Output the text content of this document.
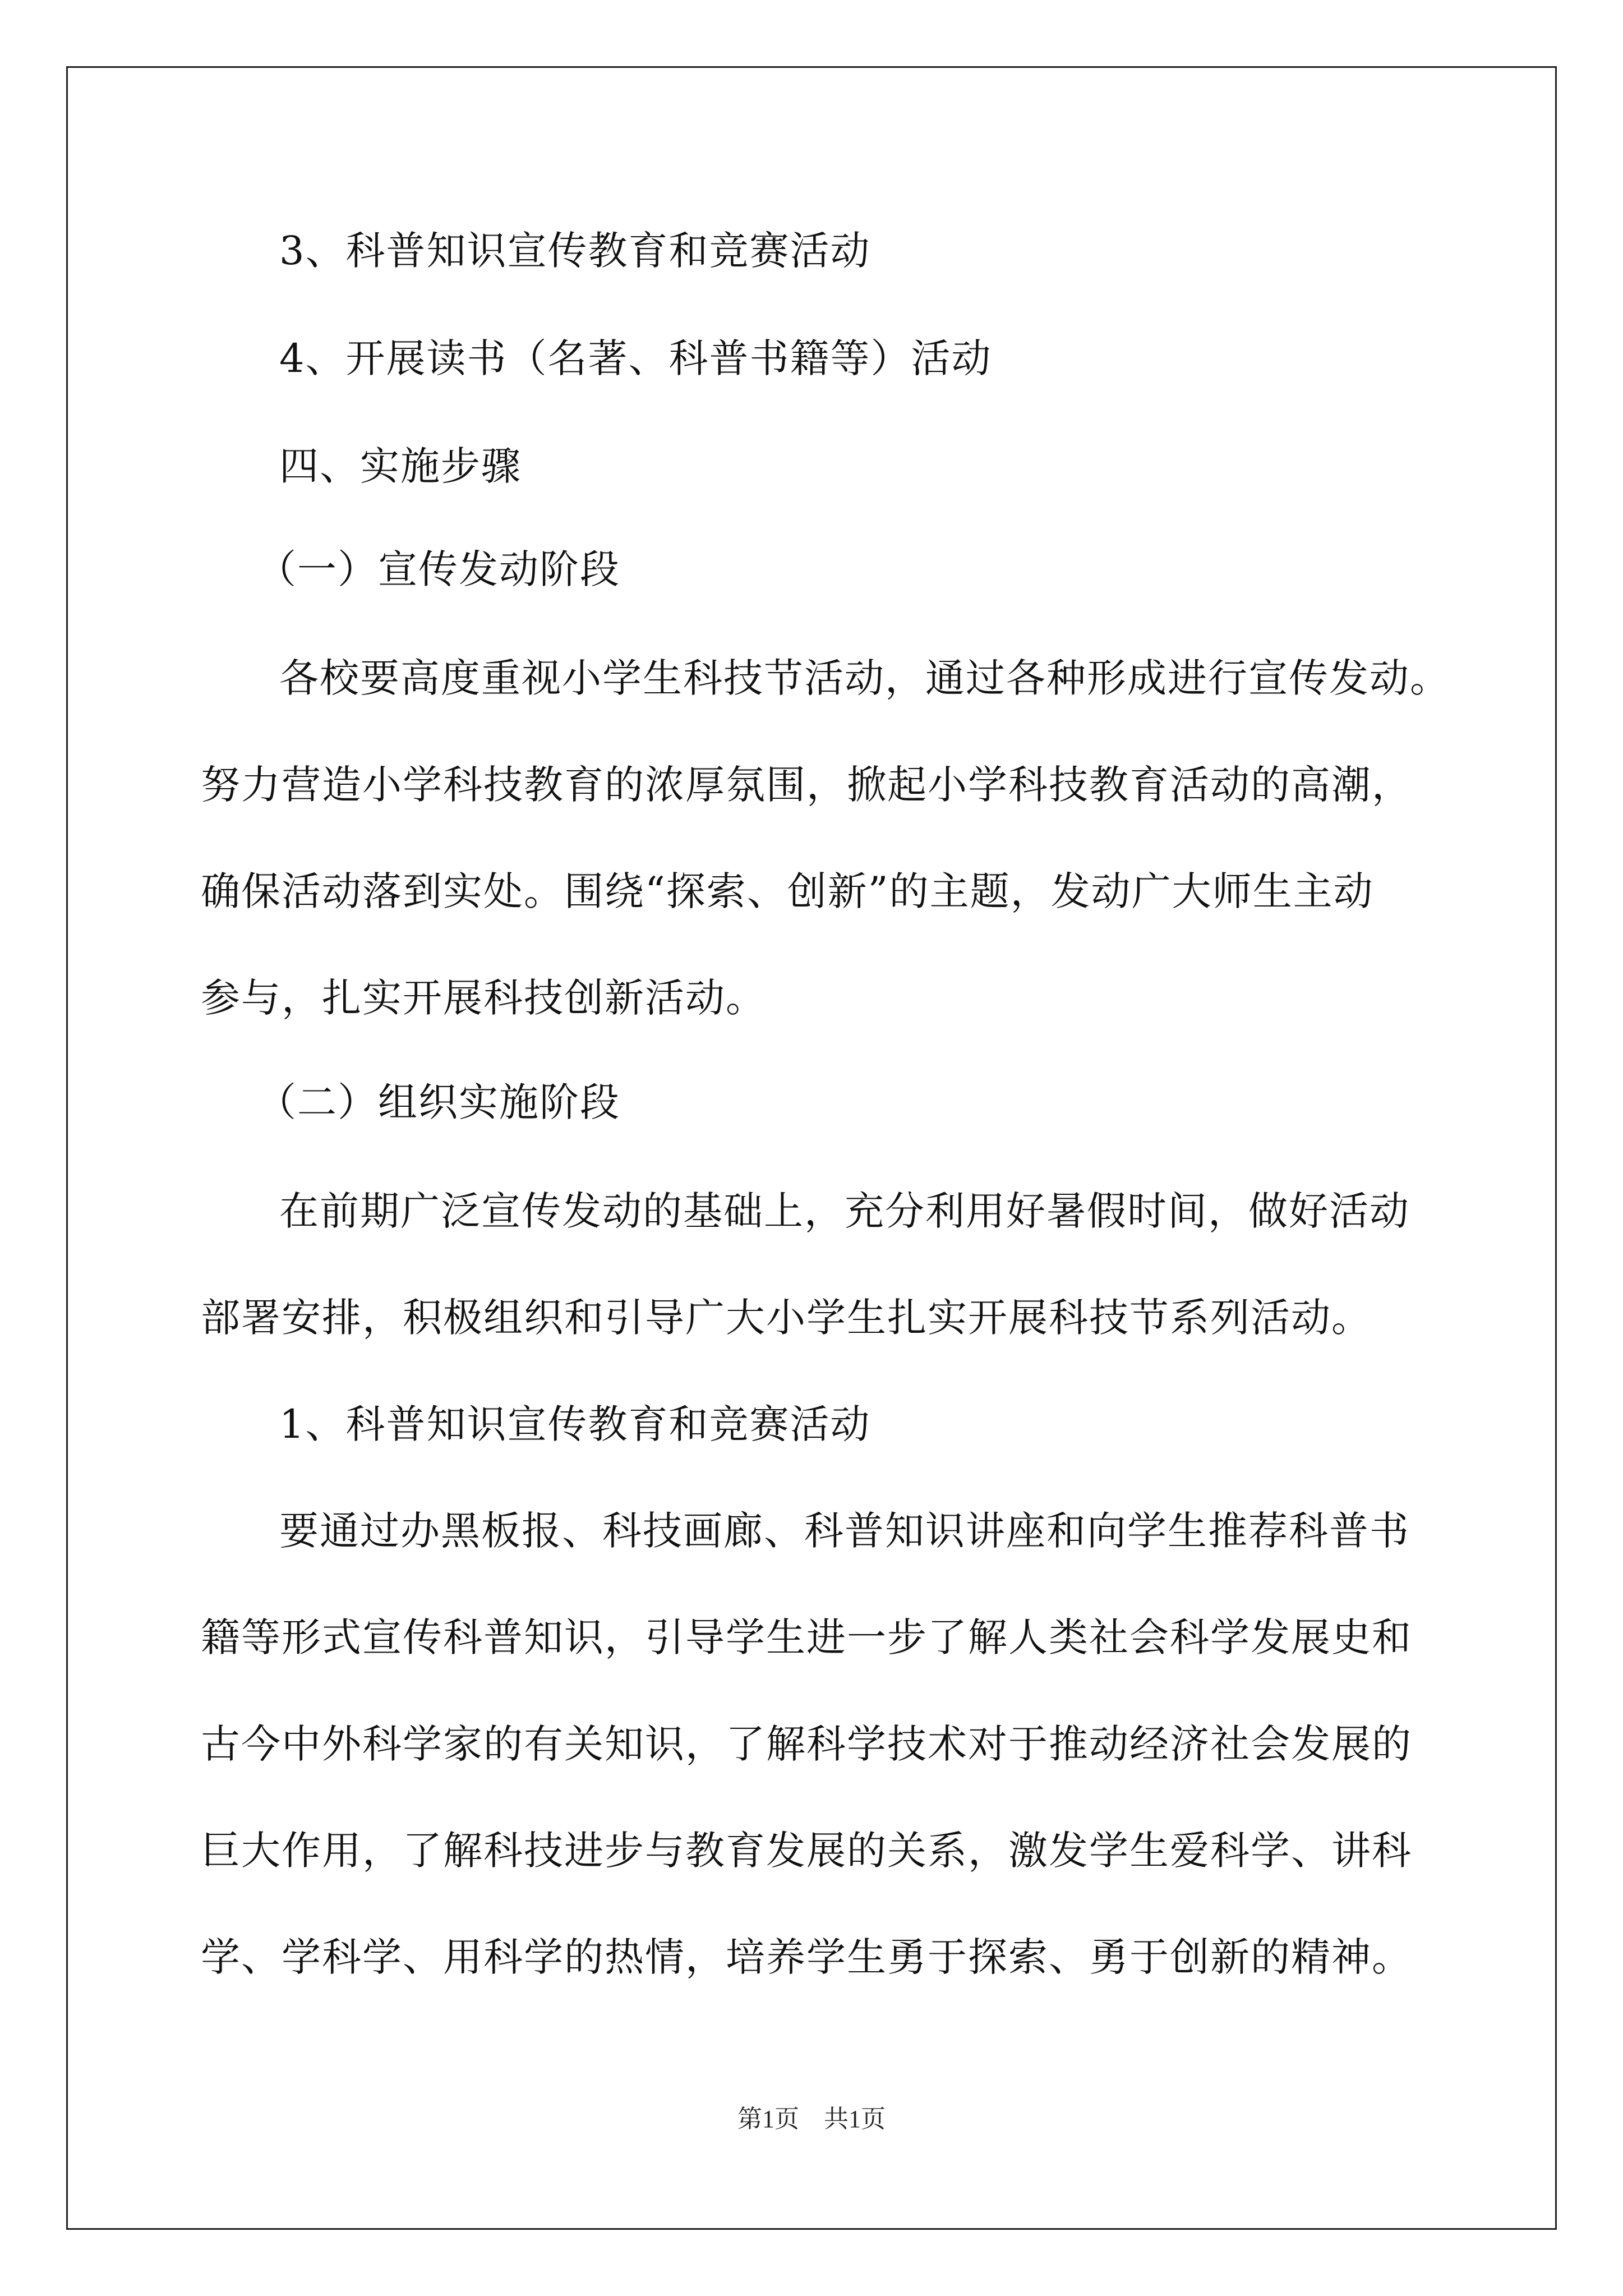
3、科普知识宣传教育和竞赛活动
4、开展读书（名著、科普书籍等）活动
四、实施步骤
（一）宣传发动阶段
各校要高度重视小学生科技节活动，通过各种形成进行宣传发动。
努力营造小学科技教育的浓厚氛围，掀起小学科技教育活动的高潮，
确保活动落到实处。围绕“探索、创新”的主题，发动广大师生主动
参与，扎实开展科技创新活动。
（二）组织实施阶段
在前期广泛宣传发动的基础上，充分利用好暑假时间，做好活动
部署安排，积极组织和引导广大小学生扎实开展科技节系列活动。
1、科普知识宣传教育和竞赛活动
要通过办黑板报、科技画廊、科普知识讲座和向学生推荐科普书
籍等形式宣传科普知识，引导学生进一步了解人类社会科学发展史和
古今中外科学家的有关知识，了解科学技术对于推动经济社会发展的
巨大作用，了解科技进步与教育发展的关系，激发学生爱科学、讲科
学、学科学、用科学的热情，培养学生勇于探索、勇于创新的精神。
第1页　共1页
